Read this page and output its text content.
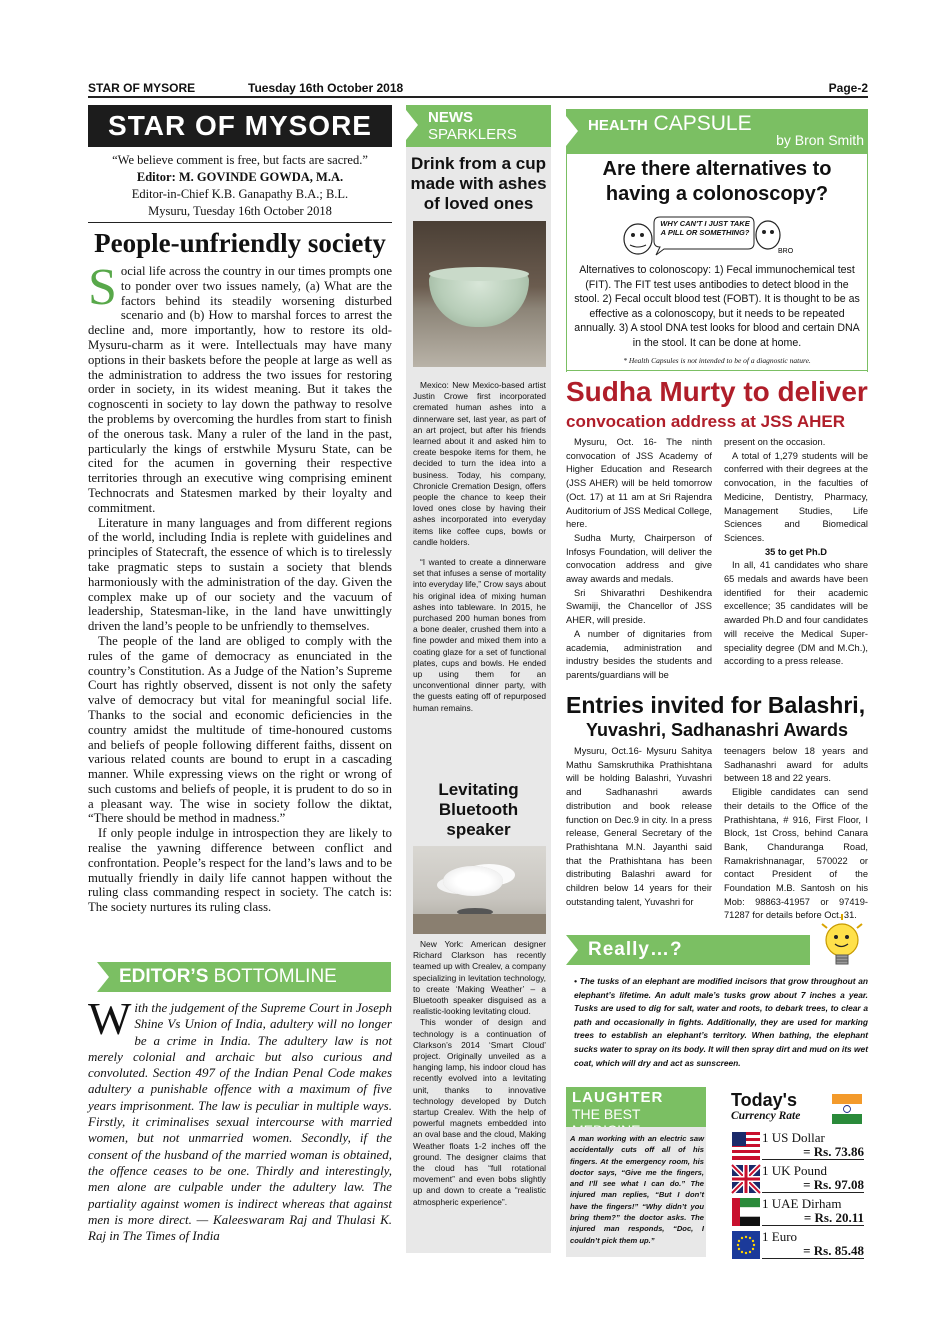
STAR OF MYSORE	Tuesday 16th October 2018	Page-2
STAR OF MYSORE
“We believe comment is free, but facts are sacred.”
Editor: M. GOVINDE GOWDA, M.A.
Editor-in-Chief K.B. Ganapathy B.A.; B.L.
Mysuru, Tuesday 16th October 2018
People-unfriendly society

Social life across the country in our times prompts one to ponder over two issues namely, (a) What are the factors behind its steadily worsening disturbed scenario and (b) How to marshal forces to arrest the decline and, more importantly, how to restore its old-Mysuru-charm as it were. Intellectuals may have many options in their baskets before the people at large as well as the administration to address the two issues for restoring order in society, in its widest meaning. But it takes the cognoscenti in society to lay down the pathway to resolve the problems by overcoming the hurdles from start to finish of the onerous task. Many a ruler of the land in the past, particularly the kings of erstwhile Mysuru State, can be cited for the acumen in governing their respective territories through an executive wing comprising eminent Technocrats and Statesmen marked by their loyalty and commitment.

Literature in many languages and from different regions of the world, including India is replete with guidelines and principles of Statecraft, the essence of which is to tirelessly take pragmatic steps to sustain a society that blends harmoniously with the administration of the day. Given the complex make up of our society and the vacuum of leadership, Statesman-like, in the land have unwittingly driven the land’s people to be unfriendly to themselves.

The people of the land are obliged to comply with the rules of the game of democracy as enunciated in the country’s Constitution. As a Judge of the Nation’s Supreme Court has rightly observed, dissent is not only the safety valve of democracy but vital for meaningful social life. Thanks to the social and economic deficiencies in the country amidst the multitude of time-honoured customs and beliefs of people following different faiths, dissent on various related counts are bound to erupt in a cascading manner. While expressing views on the right or wrong of such customs and beliefs of people, it is prudent to do so in a pleasant way. The wise in society follow the diktat, “There should be method in madness.”

If only people indulge in introspection they are likely to realise the yawning difference between conflict and confrontation. People’s respect for the land’s laws and to be mutually friendly in daily life cannot happen without the ruling class commanding respect in society. The catch is: The society nurtures its ruling class.

EDITOR’S BOTTOMLINE
With the judgement of the Supreme Court in Joseph Shine Vs Union of India, adultery will no longer be a crime in India. The adultery law is not merely colonial and archaic but also curious and convoluted. Section 497 of the Indian Penal Code makes adultery a punishable offence with a maximum of five years imprisonment. The law is peculiar in multiple ways. Firstly, it criminalises sexual intercourse with married women, but not unmarried women. Secondly, if the consent of the husband of the married woman is obtained, the offence ceases to be one. Thirdly and interestingly, men alone are culpable under the adultery law. The partiality against women is indirect whereas that against men is more direct. — Kaleeswaram Raj and Thulasi K. Raj in The Times of India
NEWS
SPARKLERS
Drink from a cup made with ashes of loved ones

Mexico: New Mexico-based artist Justin Crowe first incorporated cremated human ashes into a dinnerware set, last year, as part of an art project, but after his friends learned about it and asked him to create bespoke items for them, he decided to turn the idea into a business. Today, his company, Chronicle Cremation Design, offers people the chance to keep their loved ones close by having their ashes incorporated into everyday items like coffee cups, bowls or candle holders.

“I wanted to create a dinnerware set that infuses a sense of mortality into everyday life,” Crow says about his original idea of mixing human ashes into tableware. In 2015, he purchased 200 human bones from a bone dealer, crushed them into a fine powder and mixed them into a coating glaze for a set of functional plates, cups and bowls. He ended up using them for an unconventional dinner party, with the guests eating off of repurposed human remains.

Levitating Bluetooth speaker

New York: American designer Richard Clarkson has recently teamed up with Crealev, a company specializing in levitation technology, to create ‘Making Weather’ – a Bluetooth speaker disguised as a realistic-looking levitating cloud.

This wonder of design and technology is a continuation of Clarkson’s 2014 ‘Smart Cloud’ project. Originally unveiled as a hanging lamp, his indoor cloud has recently evolved into a levitating unit, thanks to innovative technology developed by Dutch startup Crealev. With the help of powerful magnets embedded into an oval base and the cloud, Making Weather floats 1-2 inches off the ground. The designer claims that the cloud has “full rotational movement” and even bobs slightly up and down to create a “realistic atmospheric experience”.

HEALTH CAPSULE
by Bron Smith
Are there alternatives to having a colonoscopy?
WHY CAN'T I JUST TAKE A PILL OR SOMETHING?
BRO
Alternatives to colonoscopy: 1) Fecal immunochemical test (FIT). The FIT test uses antibodies to detect blood in the stool. 2) Fecal occult blood test (FOBT). It is thought to be as effective as a colonoscopy, but it needs to be repeated annually. 3) A stool DNA test looks for blood and certain DNA in the stool. It can be done at home.
* Health Capsules is not intended to be of a diagnostic nature.
Sudha Murty to deliver
convocation address at JSS AHER

Mysuru, Oct. 16- The ninth convocation of JSS Academy of Higher Education and Research (JSS AHER) will be held tomorrow (Oct. 17) at 11 am at Sri Rajendra Auditorium of JSS Medical College, here.

Sudha Murty, Chairperson of Infosys Foundation, will deliver the convocation address and give away awards and medals.

Sri Shivarathri Deshikendra Swamiji, the Chancellor of JSS AHER, will preside.

A number of dignitaries from academia, administration and industry besides the students and parents/guardians will be

present on the occasion.

A total of 1,279 students will be conferred with their degrees at the convocation, in the faculties of Medicine, Dentistry, Pharmacy, Management Studies, Life Sciences and Biomedical Sciences.

35 to get Ph.D

In all, 41 candidates who share 65 medals and awards have been identified for their academic excellence; 35 candidates will be awarded Ph.D and four candidates will receive the Medical Super-speciality degree (DM and M.Ch.), according to a press release.

Entries invited for Balashri,
Yuvashri, Sadhanashri Awards

Mysuru, Oct.16- Mysuru Sahitya Mathu Samskruthika Prathishtana will be holding Balashri, Yuvashri and Sadhanashri awards distribution and book release function on Dec.9 in city. In a press release, General Secretary of the Prathishtana M.N. Jayanthi said that the Prathishtana has been distributing Balashri award for children below 14 years for their outstanding talent, Yuvashri for

teenagers below 18 years and Sadhanashri award for adults between 18 and 22 years.

Eligible candidates can send their details to the Office of the Prathishtana, # 916, First Floor, I Block, 1st Cross, behind Canara Bank, Chanduranga Road, Ramakrishnanagar, 570022 or contact President of the Foundation M.B. Santosh on his Mob: 98863-41957 or 97419-71287 for details before Oct. 31.

Really…?
• The tusks of an elephant are modified incisors that grow throughout an elephant’s lifetime. An adult male’s tusks grow about 7 inches a year. Tusks are used to dig for salt, water and roots, to debark trees, to clear a path and occasionally in fights. Additionally, they are used for marking trees to establish an elephant’s territory. When bathing, the elephant sucks water to spray on its body. It will then spray dirt and mud on its wet coat, which will dry and act as sunscreen.
LAUGHTER
THE BEST
A man working with an electric saw accidentally cuts off all of his fingers. At the emergency room, his doctor says, “Give me the fingers, and I’ll see what I can do.” The injured man replies, “But I don’t have the fingers!” “Why didn’t you bring them?” the doctor asks. The injured man responds, “Doc, I couldn’t pick them up.”
Today's
Currency Rate
1 US Dollar
= Rs. 73.86
1 UK Pound
= Rs. 97.08
1 UAE Dirham
= Rs. 20.11
1 Euro
= Rs. 85.48
